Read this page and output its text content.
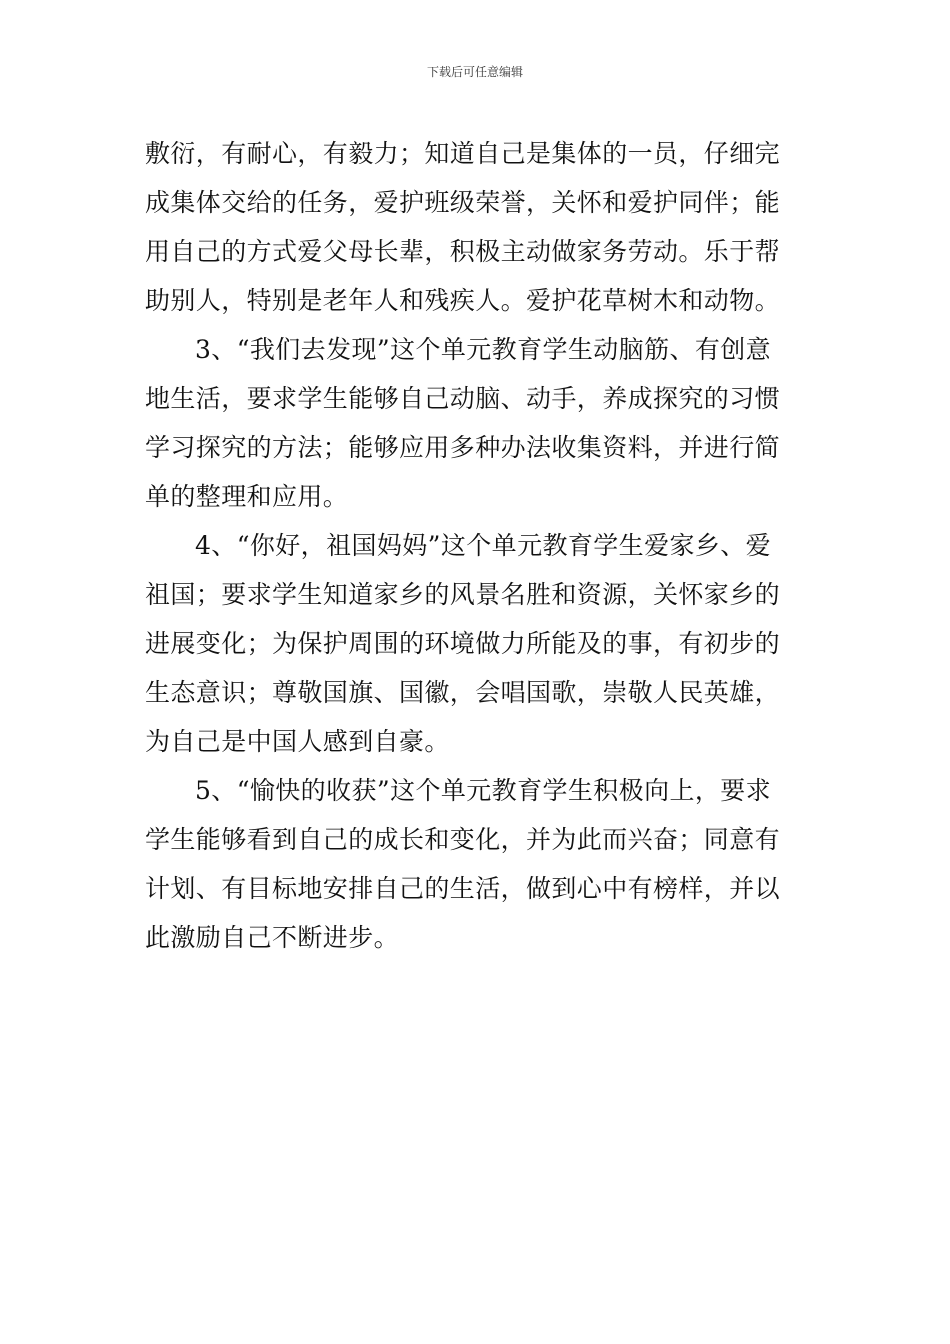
下载后可任意编辑
敷衍，有耐心，有毅力；知道自己是集体的一员，仔细完
成集体交给的任务，爱护班级荣誉，关怀和爱护同伴；能
用自己的方式爱父母长辈，积极主动做家务劳动。乐于帮
助别人，特别是老年人和残疾人。爱护花草树木和动物。
3、“我们去发现”这个单元教育学生动脑筋、有创意
地生活，要求学生能够自己动脑、动手，养成探究的习惯
学习探究的方法；能够应用多种办法收集资料，并进行简
单的整理和应用。
4、“你好，祖国妈妈”这个单元教育学生爱家乡、爱
祖国；要求学生知道家乡的风景名胜和资源，关怀家乡的
进展变化；为保护周围的环境做力所能及的事，有初步的
生态意识；尊敬国旗、国徽，会唱国歌，崇敬人民英雄，
为自己是中国人感到自豪。
5、“愉快的收获”这个单元教育学生积极向上，要求
学生能够看到自己的成长和变化，并为此而兴奋；同意有
计划、有目标地安排自己的生活，做到心中有榜样，并以
此激励自己不断进步。
